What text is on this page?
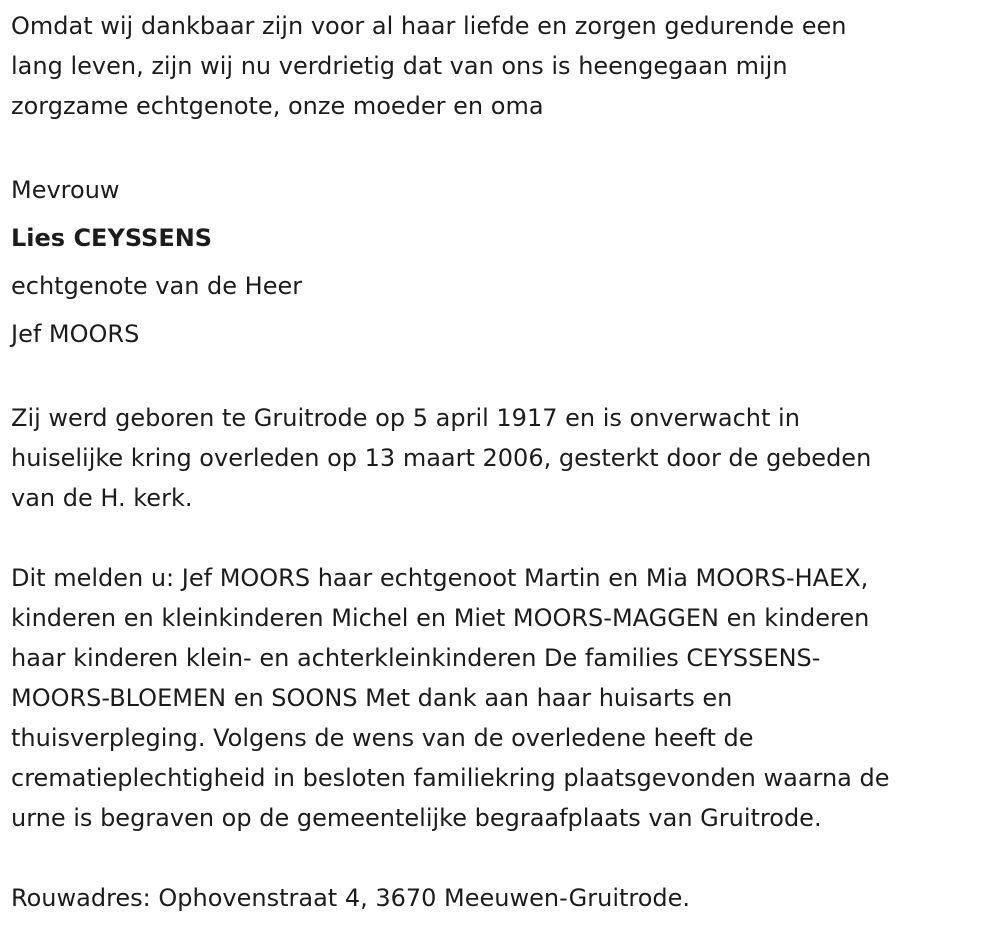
Omdat wij dankbaar zijn voor al haar liefde en zorgen gedurende een
lang leven, zijn wij nu verdrietig dat van ons is heengegaan mijn
zorgzame echtgenote, onze moeder en oma
Mevrouw
Lies CEYSSENS
echtgenote van de Heer
Jef MOORS
Zij werd geboren te Gruitrode op 5 april 1917 en is onverwacht in
huiselijke kring overleden op 13 maart 2006, gesterkt door de gebeden
van de H. kerk.
Dit melden u: Jef MOORS haar echtgenoot Martin en Mia MOORS-HAEX,
kinderen en kleinkinderen Michel en Miet MOORS-MAGGEN en kinderen
haar kinderen klein- en achterkleinkinderen De families CEYSSENS-
MOORS-BLOEMEN en SOONS Met dank aan haar huisarts en
thuisverpleging. Volgens de wens van de overledene heeft de
crematieplechtigheid in besloten familiekring plaatsgevonden waarna de
urne is begraven op de gemeentelijke begraafplaats van Gruitrode.
Rouwadres: Ophovenstraat 4, 3670 Meeuwen-Gruitrode.
